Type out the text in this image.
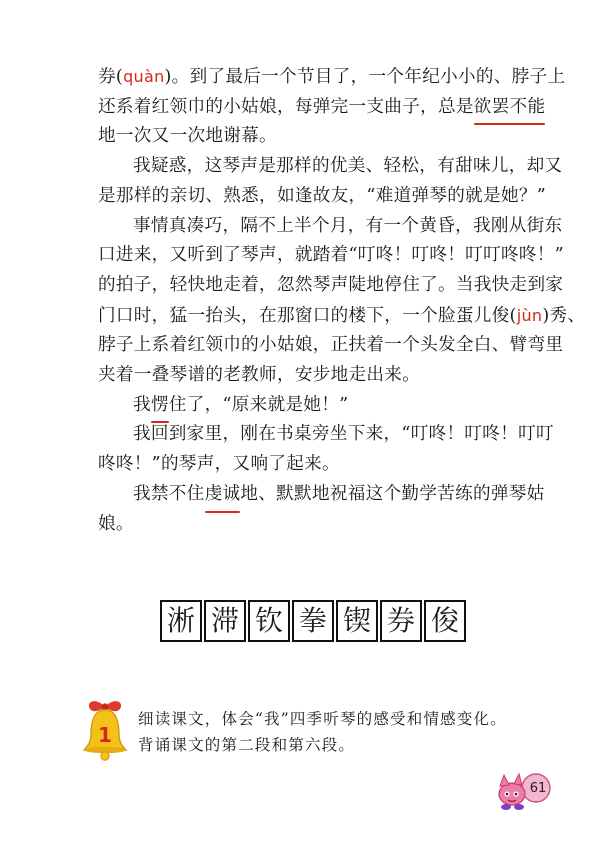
券(quàn)。到了最后一个节目了，一个年纪小小的、脖子上
还系着红领巾的小姑娘，每弹完一支曲子，总是欲罢不能
地一次又一次地谢幕。
我疑惑，这琴声是那样的优美、轻松，有甜味儿，却又
是那样的亲切、熟悉，如逢故友，“难道弹琴的就是她？”
事情真凑巧，隔不上半个月，有一个黄昏，我刚从街东
口进来，又听到了琴声，就踏着“叮咚！叮咚！叮叮咚咚！”
的拍子，轻快地走着，忽然琴声陡地停住了。当我快走到家
门口时，猛一抬头，在那窗口的楼下，一个脸蛋儿俊(jùn)秀、
脖子上系着红领巾的小姑娘，正扶着一个头发全白、臂弯里
夹着一叠琴谱的老教师，安步地走出来。
我愣住了，“原来就是她！”
我回到家里，刚在书桌旁坐下来，“叮咚！叮咚！叮叮
咚咚！”的琴声，又响了起来。
我禁不住虔诚地、默默地祝福这个勤学苦练的弹琴姑
娘。
淅 滞 钦 拳 锲 券 俊
1
细读课文，体会“我”四季听琴的感受和情感变化。
背诵课文的第二段和第六段。
61
